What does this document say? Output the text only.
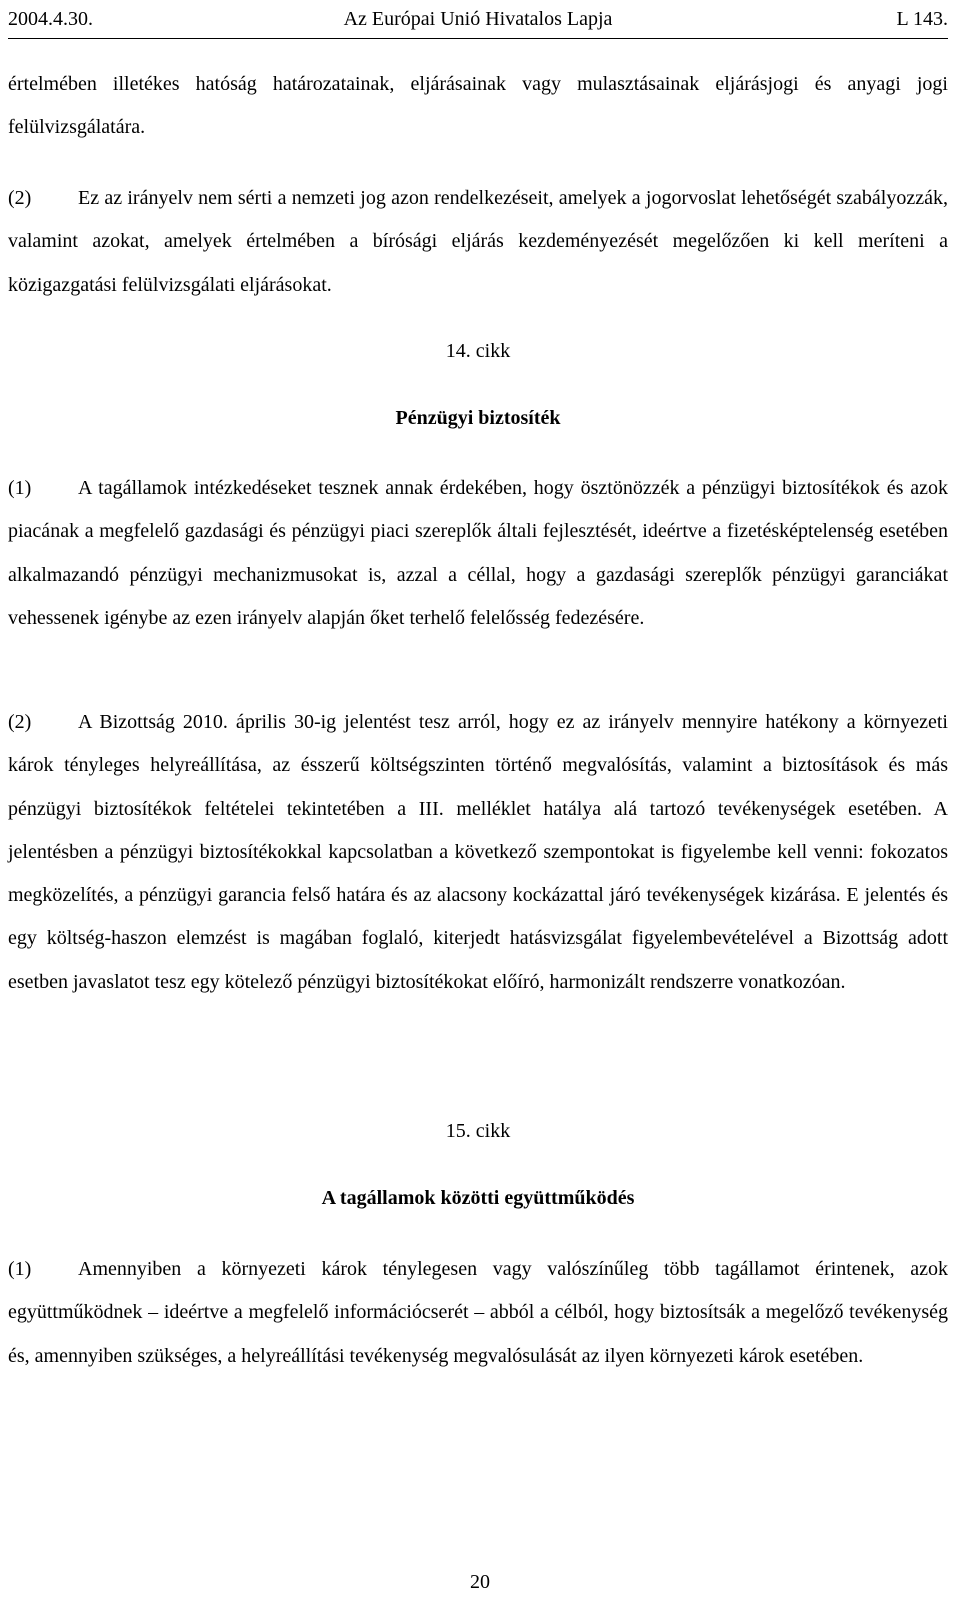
2004.4.30.	Az Európai Unió Hivatalos Lapja	L 143.

értelmében illetékes hatóság határozatainak, eljárásainak vagy mulasztásainak eljárásjogi és anyagi jogi felülvizsgálatára.

(2) Ez az irányelv nem sérti a nemzeti jog azon rendelkezéseit, amelyek a jogorvoslat lehetőségét szabályozzák, valamint azokat, amelyek értelmében a bírósági eljárás kezdeményezését megelőzően ki kell meríteni a közigazgatási felülvizsgálati eljárásokat.

14. cikk

Pénzügyi biztosíték

(1) A tagállamok intézkedéseket tesznek annak érdekében, hogy ösztönözzék a pénzügyi biztosítékok és azok piacának a megfelelő gazdasági és pénzügyi piaci szereplők általi fejlesztését, ideértve a fizetésképtelenség esetében alkalmazandó pénzügyi mechanizmusokat is, azzal a céllal, hogy a gazdasági szereplők pénzügyi garanciákat vehessenek igénybe az ezen irányelv alapján őket terhelő felelősség fedezésére.

(2) A Bizottság 2010. április 30-ig jelentést tesz arról, hogy ez az irányelv mennyire hatékony a környezeti károk tényleges helyreállítása, az ésszerű költségszinten történő megvalósítás, valamint a biztosítások és más pénzügyi biztosítékok feltételei tekintetében a III. melléklet hatálya alá tartozó tevékenységek esetében. A jelentésben a pénzügyi biztosítékokkal kapcsolatban a következő szempontokat is figyelembe kell venni: fokozatos megközelítés, a pénzügyi garancia felső határa és az alacsony kockázattal járó tevékenységek kizárása. E jelentés és egy költség-haszon elemzést is magában foglaló, kiterjedt hatásvizsgálat figyelembevételével a Bizottság adott esetben javaslatot tesz egy kötelező pénzügyi biztosítékokat előíró, harmonizált rendszerre vonatkozóan.

15. cikk

A tagállamok közötti együttműködés

(1) Amennyiben a környezeti károk ténylegesen vagy valószínűleg több tagállamot érintenek, azok együttműködnek – ideértve a megfelelő információcserét – abból a célból, hogy biztosítsák a megelőző tevékenység és, amennyiben szükséges, a helyreállítási tevékenység megvalósulását az ilyen környezeti károk esetében.

20
